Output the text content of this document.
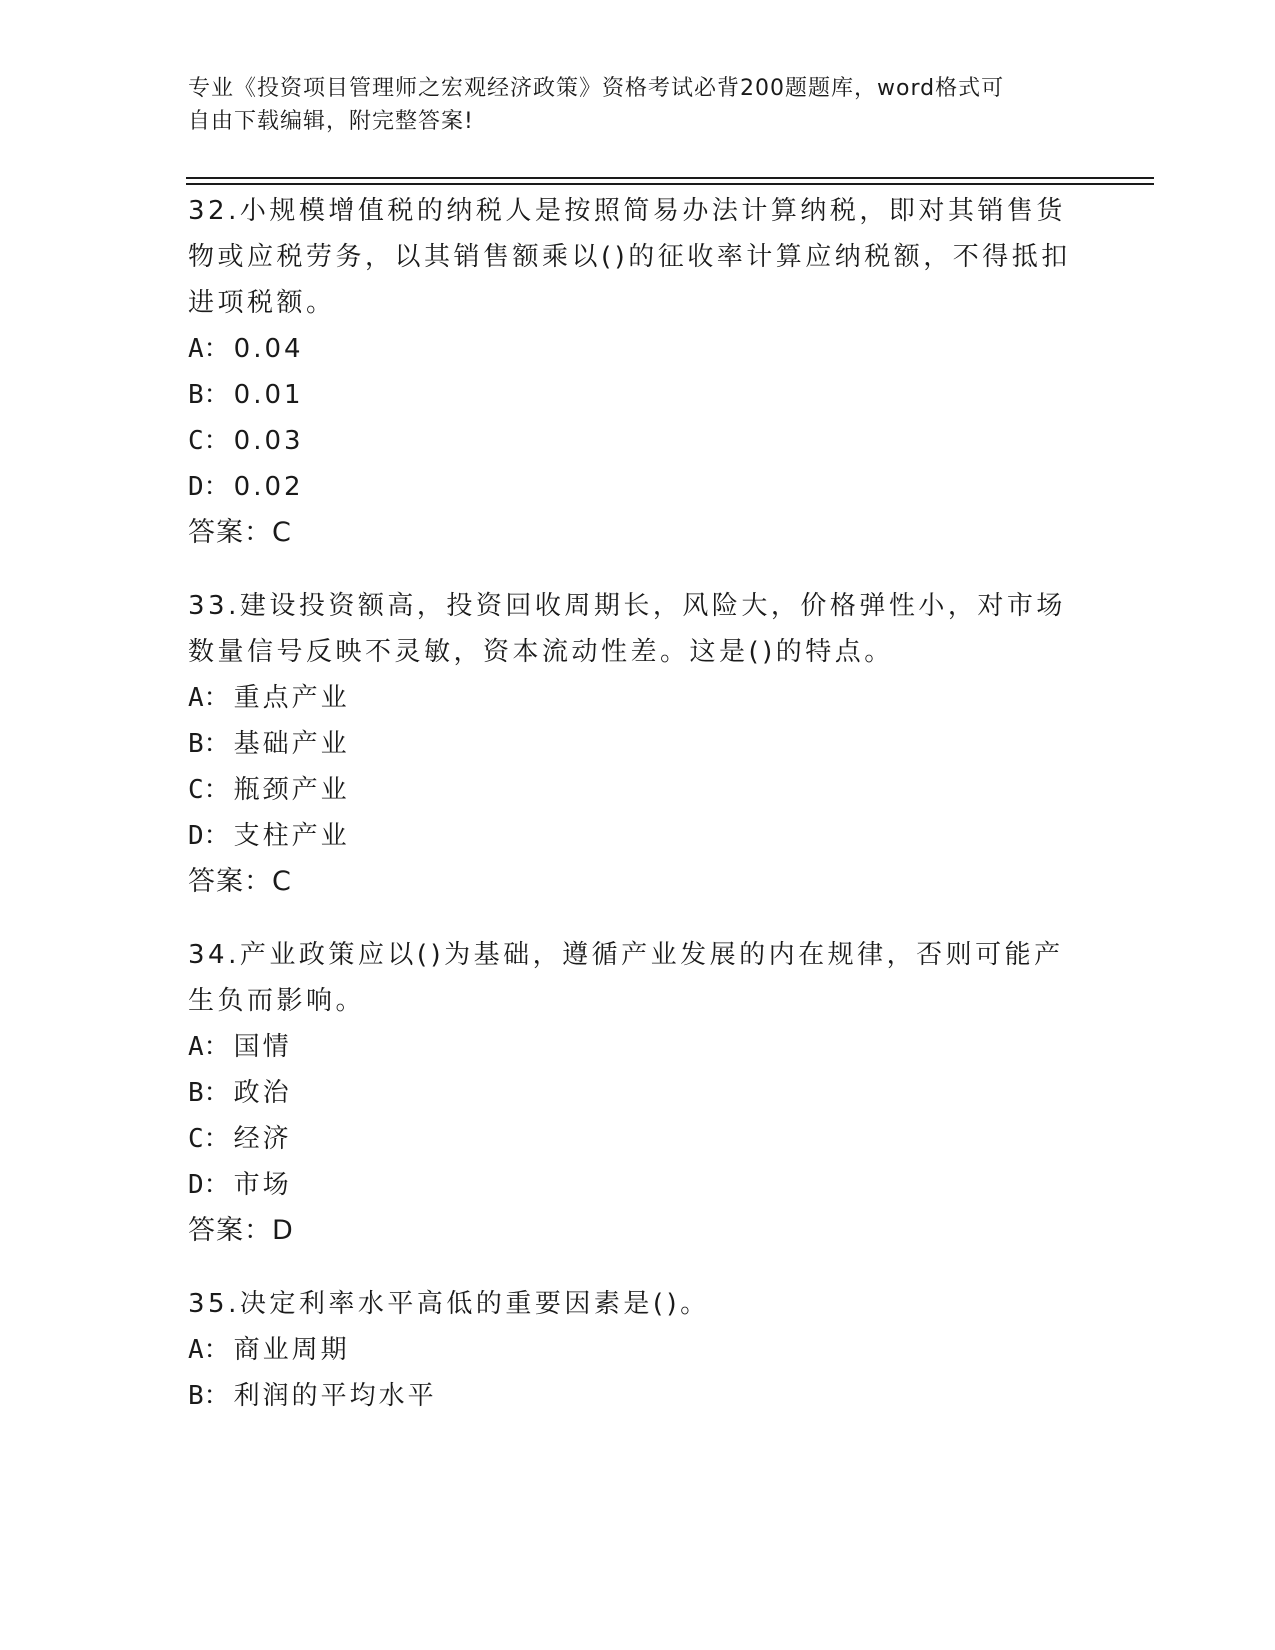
专业《投资项目管理师之宏观经济政策》资格考试必背200题题库，word格式可
自由下载编辑，附完整答案!
32.小规模增值税的纳税人是按照简易办法计算纳税，即对其销售货物或应税劳务，以其销售额乘以()的征收率计算应纳税额，不得抵扣进项税额。
A： 0.04
B： 0.01
C： 0.03
D： 0.02
答案：C
33.建设投资额高，投资回收周期长，风险大，价格弹性小，对市场数量信号反映不灵敏，资本流动性差。这是()的特点。
A： 重点产业
B： 基础产业
C： 瓶颈产业
D： 支柱产业
答案：C
34.产业政策应以()为基础，遵循产业发展的内在规律，否则可能产生负而影响。
A： 国情
B： 政治
C： 经济
D： 市场
答案：D
35.决定利率水平高低的重要因素是()。
A： 商业周期
B： 利润的平均水平
